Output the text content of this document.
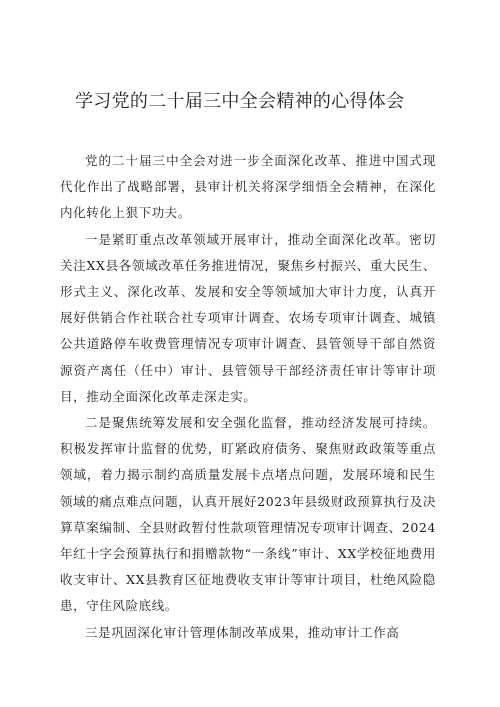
学习党的二十届三中全会精神的心得体会

党的二十届三中全会对进一步全面深化改革、推进中国式现代化作出了战略部署，县审计机关将深学细悟全会精神，在深化内化转化上狠下功夫。

一是紧盯重点改革领域开展审计，推动全面深化改革。密切关注XX县各领域改革任务推进情况，聚焦乡村振兴、重大民生、形式主义、深化改革、发展和安全等领域加大审计力度，认真开展好供销合作社联合社专项审计调查、农场专项审计调查、城镇公共道路停车收费管理情况专项审计调查、县管领导干部自然资源资产离任（任中）审计、县管领导干部经济责任审计等审计项目，推动全面深化改革走深走实。

二是聚焦统筹发展和安全强化监督，推动经济发展可持续。积极发挥审计监督的优势，盯紧政府债务、聚焦财政政策等重点领域，着力揭示制约高质量发展卡点堵点问题，发展环境和民生领域的痛点难点问题，认真开展好2023年县级财政预算执行及决算草案编制、全县财政暂付性款项管理情况专项审计调查、2024年红十字会预算执行和捐赠款物“一条线”审计、XX学校征地费用收支审计、XX县教育区征地费收支审计等审计项目，杜绝风险隐患，守住风险底线。

三是巩固深化审计管理体制改革成果，推动审计工作高
